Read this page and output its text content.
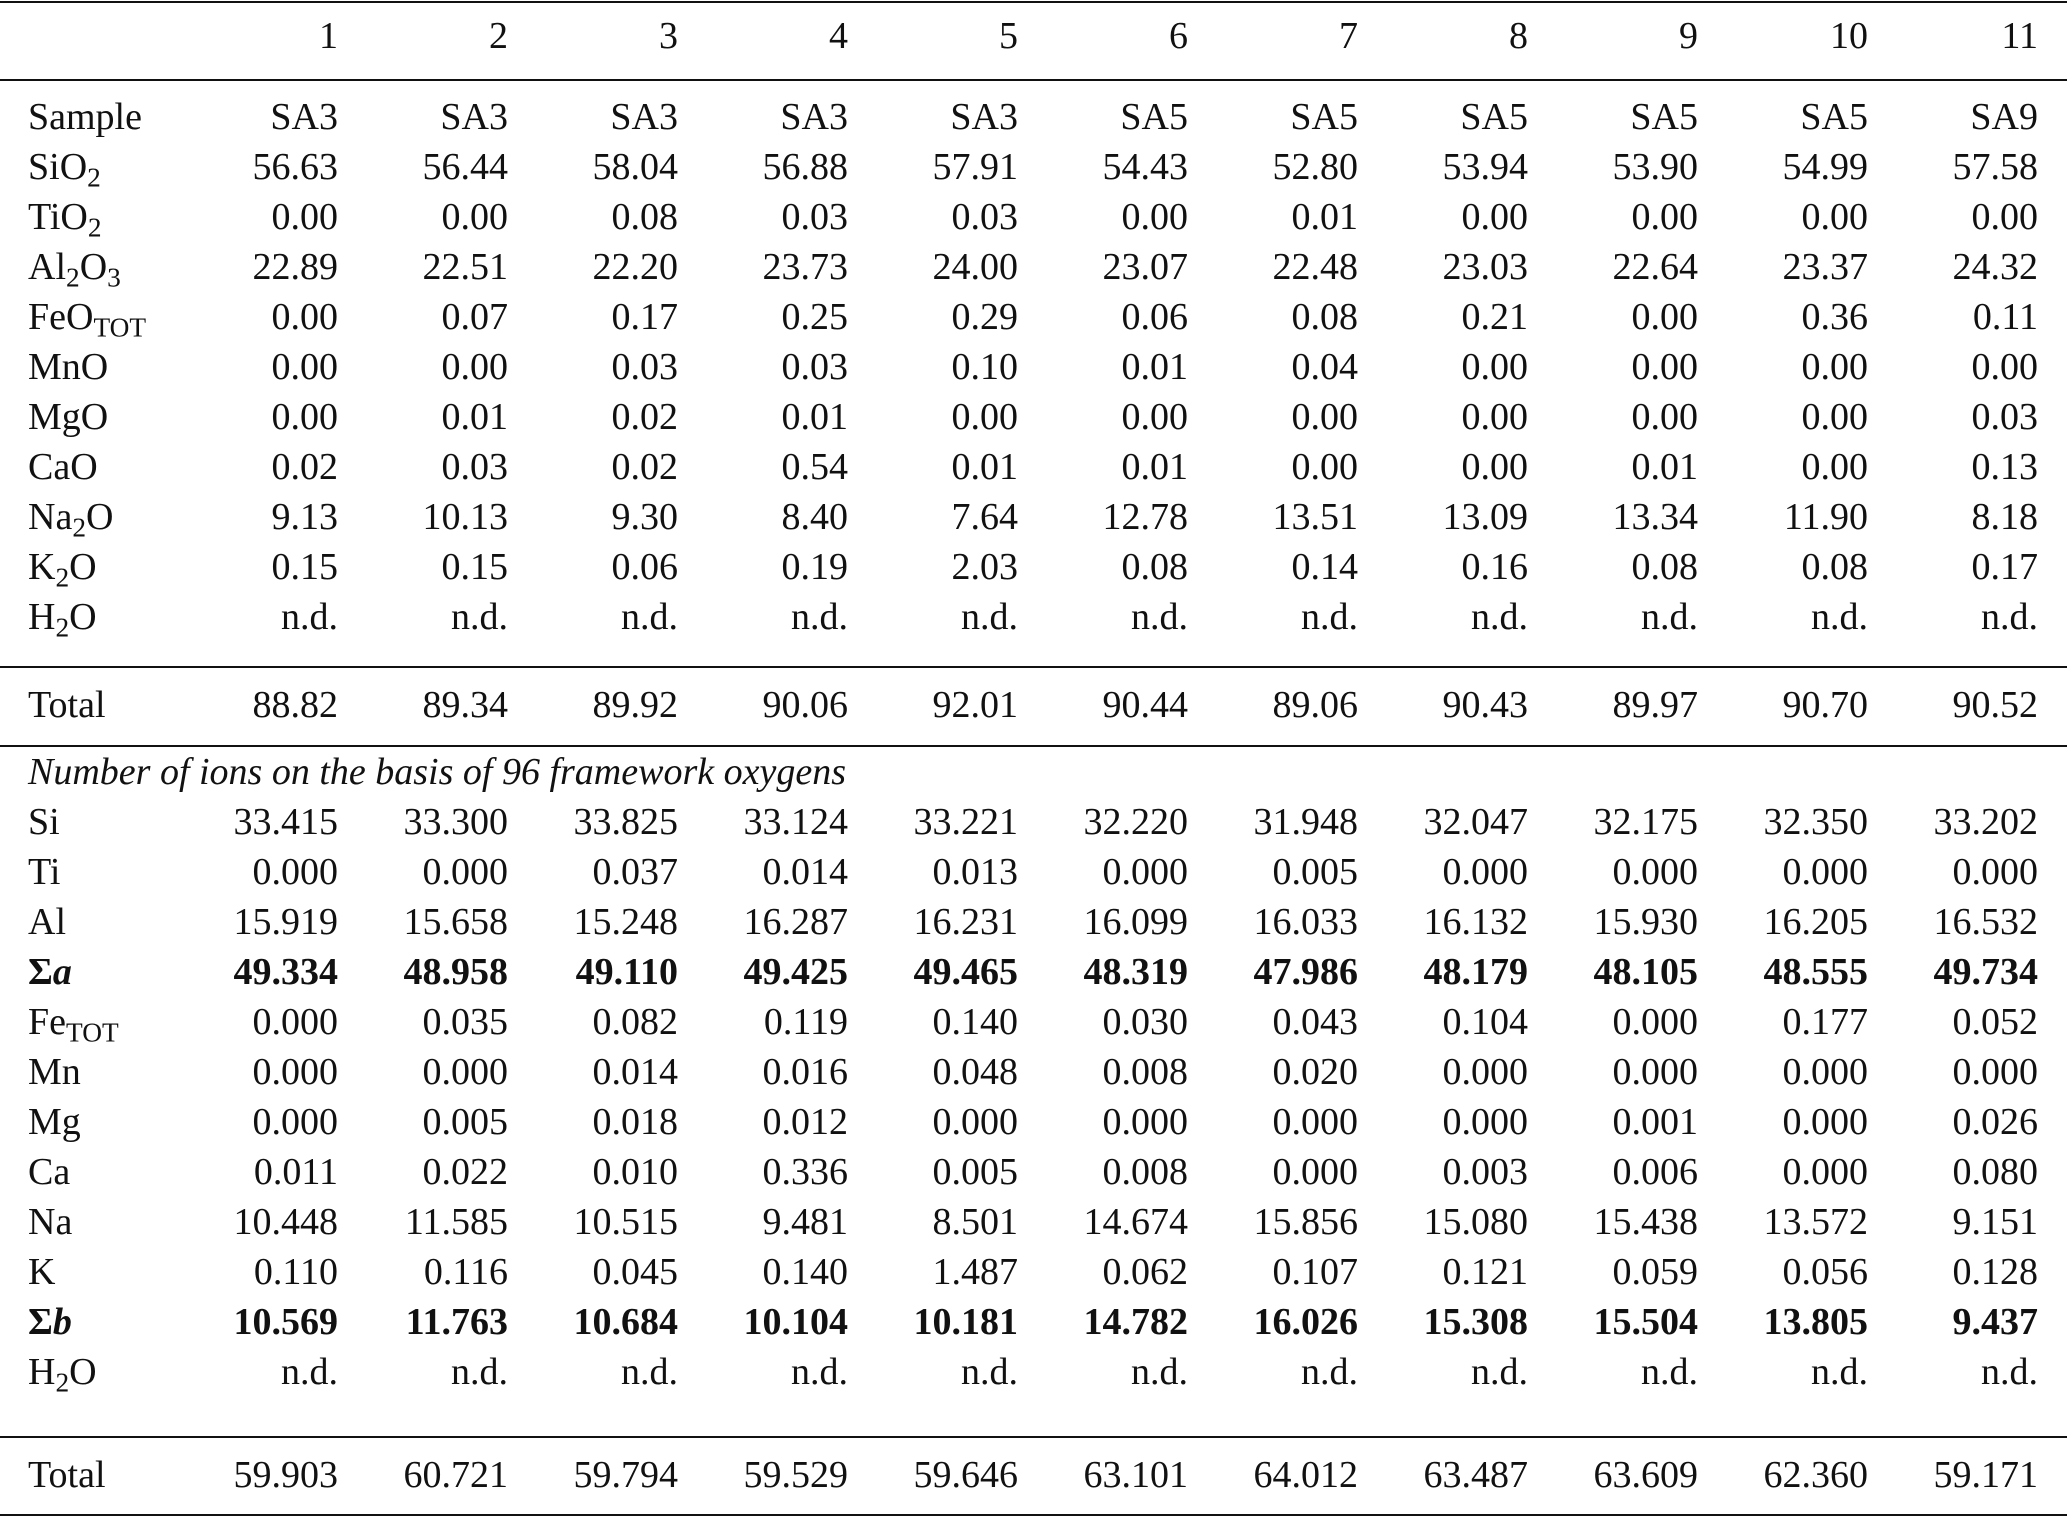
1	2	3	4	5	6	7	8	9	10	11
Sample	SA3	SA3	SA3	SA3	SA3	SA5	SA5	SA5	SA5	SA5	SA9
SiO$_2$	56.63 56.44 58.04 56.88 57.91 54.43 52.80 53.94 53.90 54.99 57.58
TiO$_2$	0.00	0.00	0.08	0.03	0.03	0.00	0.01	0.00	0.00	0.00	0.00
$Al_2O_3$	22.89 22.51 22.20 23.73 24.00 23.07 22.48 23.03 22.64 23.37 24.32
FeO$_{TOT}$	0.00	0.07	0.17	0.25	0.29	0.06	0.08	0.21	0.00	0.36	0.11
MnO	0.00	0.00	0.03	0.03	0.10	0.01	0.04	0.00	0.00	0.00	0.00
MgO	0.00	0.01	0.02	0.01	0.00	0.00	0.00	0.00	0.00	0.00	0.03
CaO	0.02	0.03	0.02	0.54	0.01	0.01	0.00	0.00	0.01	0.00	0.13
$Na_2O$	9.13 10.13	9.30	8.40	7.64 12.78 13.51 13.09 13.34 11.90	8.18
$K_2O$	0.15	0.15	0.06	0.19	2.03	0.08	0.14	0.16	0.08	0.08	0.17
$H_2O$	n.d.	n.d.	n.d.	n.d.	n.d.	n.d.	n.d.	n.d.	n.d.	n.d.	n.d.
Total	88.82 89.34 89.92 90.06 92.01 90.44 89.06 90.43 89.97 90.70 90.52
Number of ions on the basis of 96 framework oxygens
Si	33.415 33.300 33.825 33.124 33.221 32.220 31.948 32.047 32.175 32.350 33.202
Ti	0.000 0.000 0.037 0.014 0.013 0.000 0.005 0.000 0.000 0.000 0.000
Al	15.919 15.658 15.248 16.287 16.231 16.099 16.033 16.132 15.930 16.205 16.532
Σa	49.334 48.958 49.110 49.425 49.465 48.319 47.986 48.179 48.105 48.555 49.734
$Fe_{TOT}$	0.000 0.035 0.082 0.119 0.140 0.030 0.043 0.104 0.000 0.177 0.052
Mn	0.000 0.000 0.014 0.016 0.048 0.008 0.020 0.000 0.000 0.000 0.000
Mg	0.000 0.005 0.018 0.012 0.000 0.000 0.000 0.000 0.001 0.000 0.026
Ca	0.011 0.022 0.010 0.336 0.005 0.008 0.000 0.003 0.006 0.000 0.080
Na	10.448 11.585 10.515 9.481 8.501 14.674 15.856 15.080 15.438 13.572 9.151
K	0.110 0.116 0.045 0.140 1.487 0.062 0.107 0.121 0.059 0.056 0.128
Σb	10.569 11.763 10.684 10.104 10.181 14.782 16.026 15.308 15.504 13.805 9.437
$H_2O$	n.d.	n.d.	n.d.	n.d.	n.d.	n.d.	n.d.	n.d.	n.d.	n.d.	n.d.
Total	59.903 60.721 59.794 59.529 59.646 63.101 64.012 63.487 63.609 62.360 59.171
